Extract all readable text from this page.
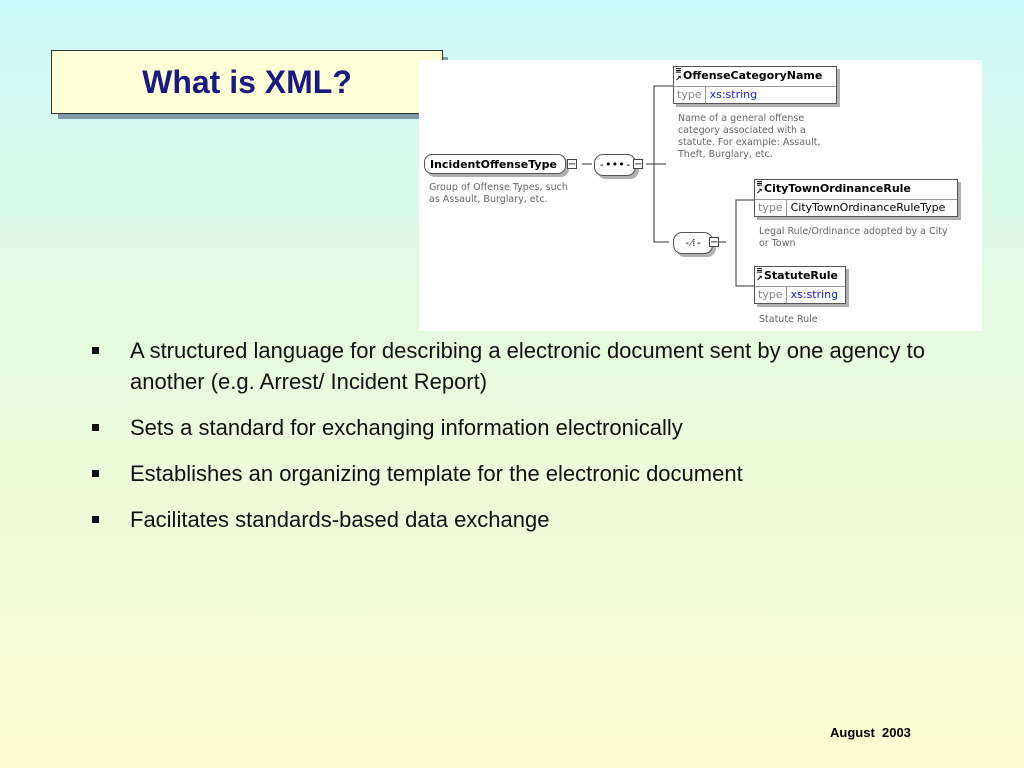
What is XML?
IncidentOffenseType	−
Group of Offense Types, such
as Assault, Burglary, etc.
-•••- −
-⁄⁞- −
≡
↗ OffenseCategoryName
type xs:string
Name of a general offense
category associated with a
statute. For example: Assault,
Theft, Burglary, etc.
≡
↗ CityTownOrdinanceRule
type CityTownOrdinanceRuleType
Legal Rule/Ordinance adopted by a City
or Town
≡
↗ StatuteRule
type xs:string
Statute Rule
A structured language for describing a electronic document sent by one agency to another (e.g. Arrest/ Incident Report)
Sets a standard for exchanging information electronically
Establishes an organizing template for the electronic document
Facilitates standards-based data exchange
August  2003
